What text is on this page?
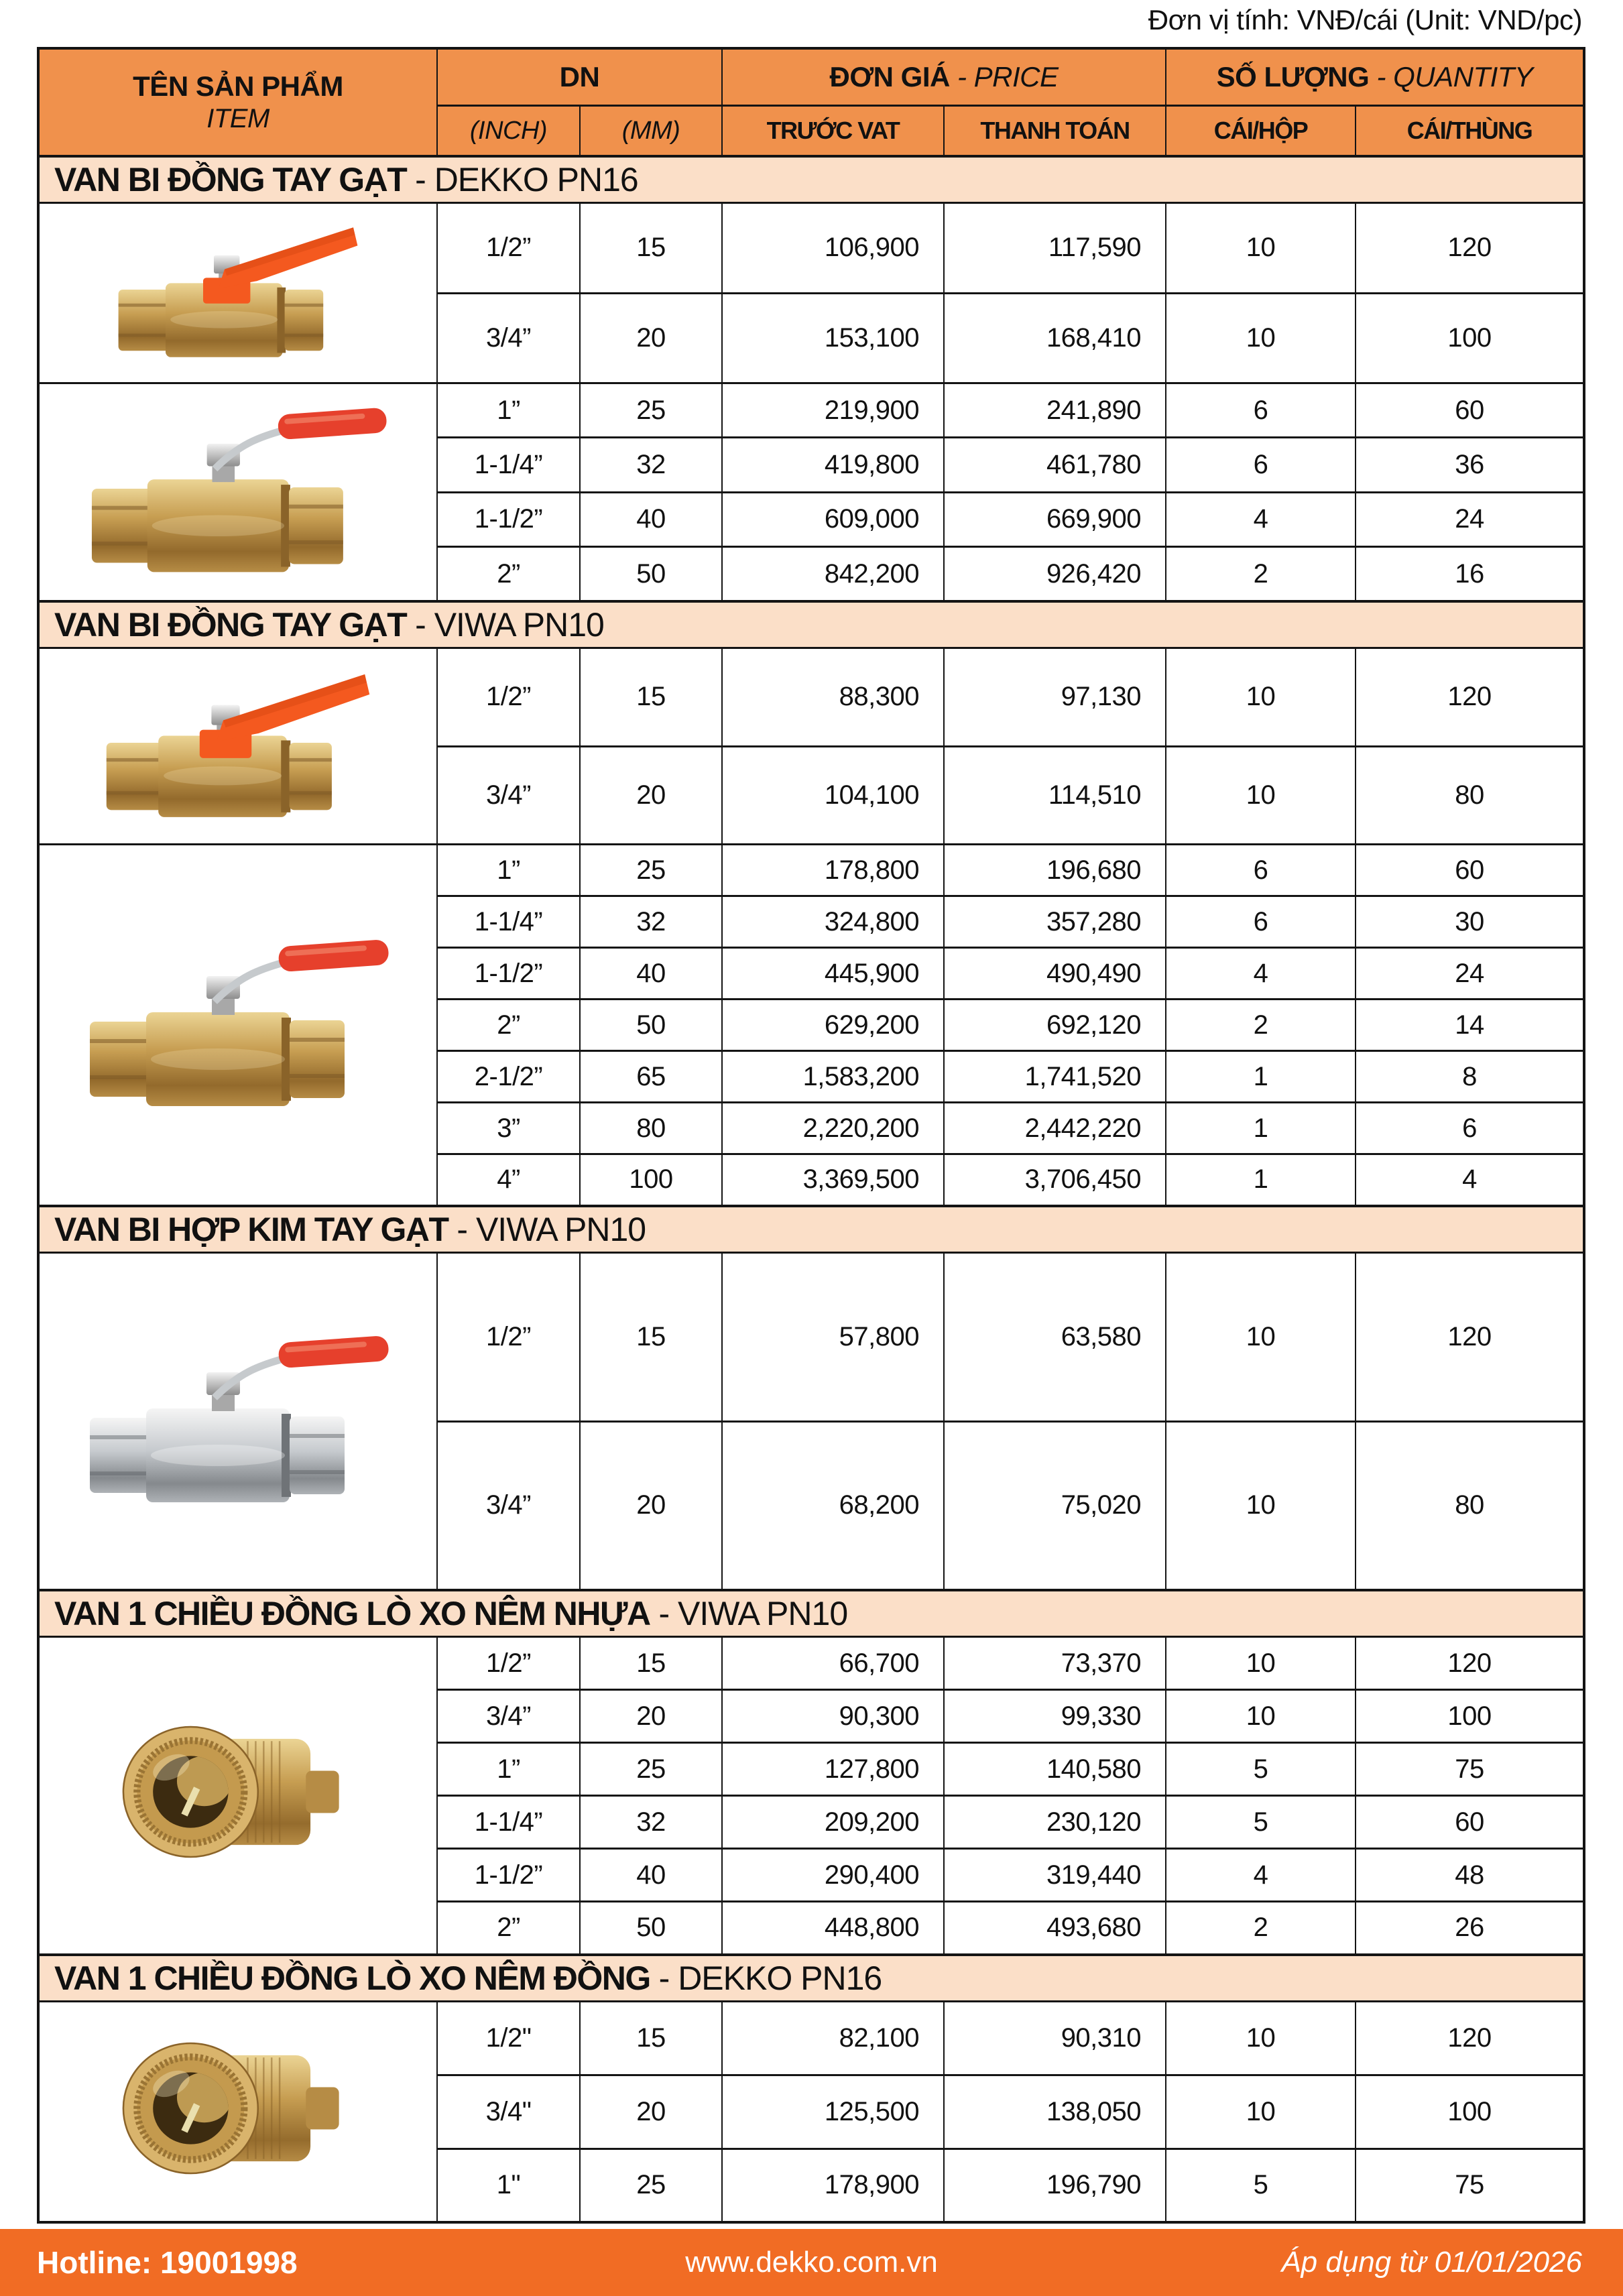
Đơn vị tính: VNĐ/cái (Unit: VND/pc)
TÊN SẢN PHẨM
ITEM	DN		ĐƠN GIÁ - PRICE		SỐ LƯỢNG - QUANTITY	
	(INCH)	(MM)	TRƯỚC VAT	THANH TOÁN	CÁI/HỘP	CÁI/THÙNG
VAN BI ĐỒNG TAY GẠT - DEKKO PN16						
	1/2”	15	106,900	117,590	10	120
	3/4”	20	153,100	168,410	10	100
	1”	25	219,900	241,890	6	60
	1-1/4”	32	419,800	461,780	6	36
	1-1/2”	40	609,000	669,900	4	24
	2”	50	842,200	926,420	2	16
VAN BI ĐỒNG TAY GẠT - VIWA PN10						
	1/2”	15	88,300	97,130	10	120
	3/4”	20	104,100	114,510	10	80
	1”	25	178,800	196,680	6	60
	1-1/4”	32	324,800	357,280	6	30
	1-1/2”	40	445,900	490,490	4	24
	2”	50	629,200	692,120	2	14
	2-1/2”	65	1,583,200	1,741,520	1	8
	3”	80	2,220,200	2,442,220	1	6
	4”	100	3,369,500	3,706,450	1	4
VAN BI HỢP KIM TAY GẠT - VIWA PN10						
	1/2”	15	57,800	63,580	10	120
	3/4”	20	68,200	75,020	10	80
VAN 1 CHIỀU ĐỒNG LÒ XO NÊM NHỰA - VIWA PN10						
	1/2”	15	66,700	73,370	10	120
	3/4”	20	90,300	99,330	10	100
	1”	25	127,800	140,580	5	75
	1-1/4”	32	209,200	230,120	5	60
	1-1/2”	40	290,400	319,440	4	48
	2”	50	448,800	493,680	2	26
VAN 1 CHIỀU ĐỒNG LÒ XO NÊM ĐỒNG - DEKKO PN16						
	1/2"	15	82,100	90,310	10	120
	3/4"	20	125,500	138,050	10	100
	1"	25	178,900	196,790	5	75
Hotline: 19001998	www.dekko.com.vn	Áp dụng từ 01/01/2026
